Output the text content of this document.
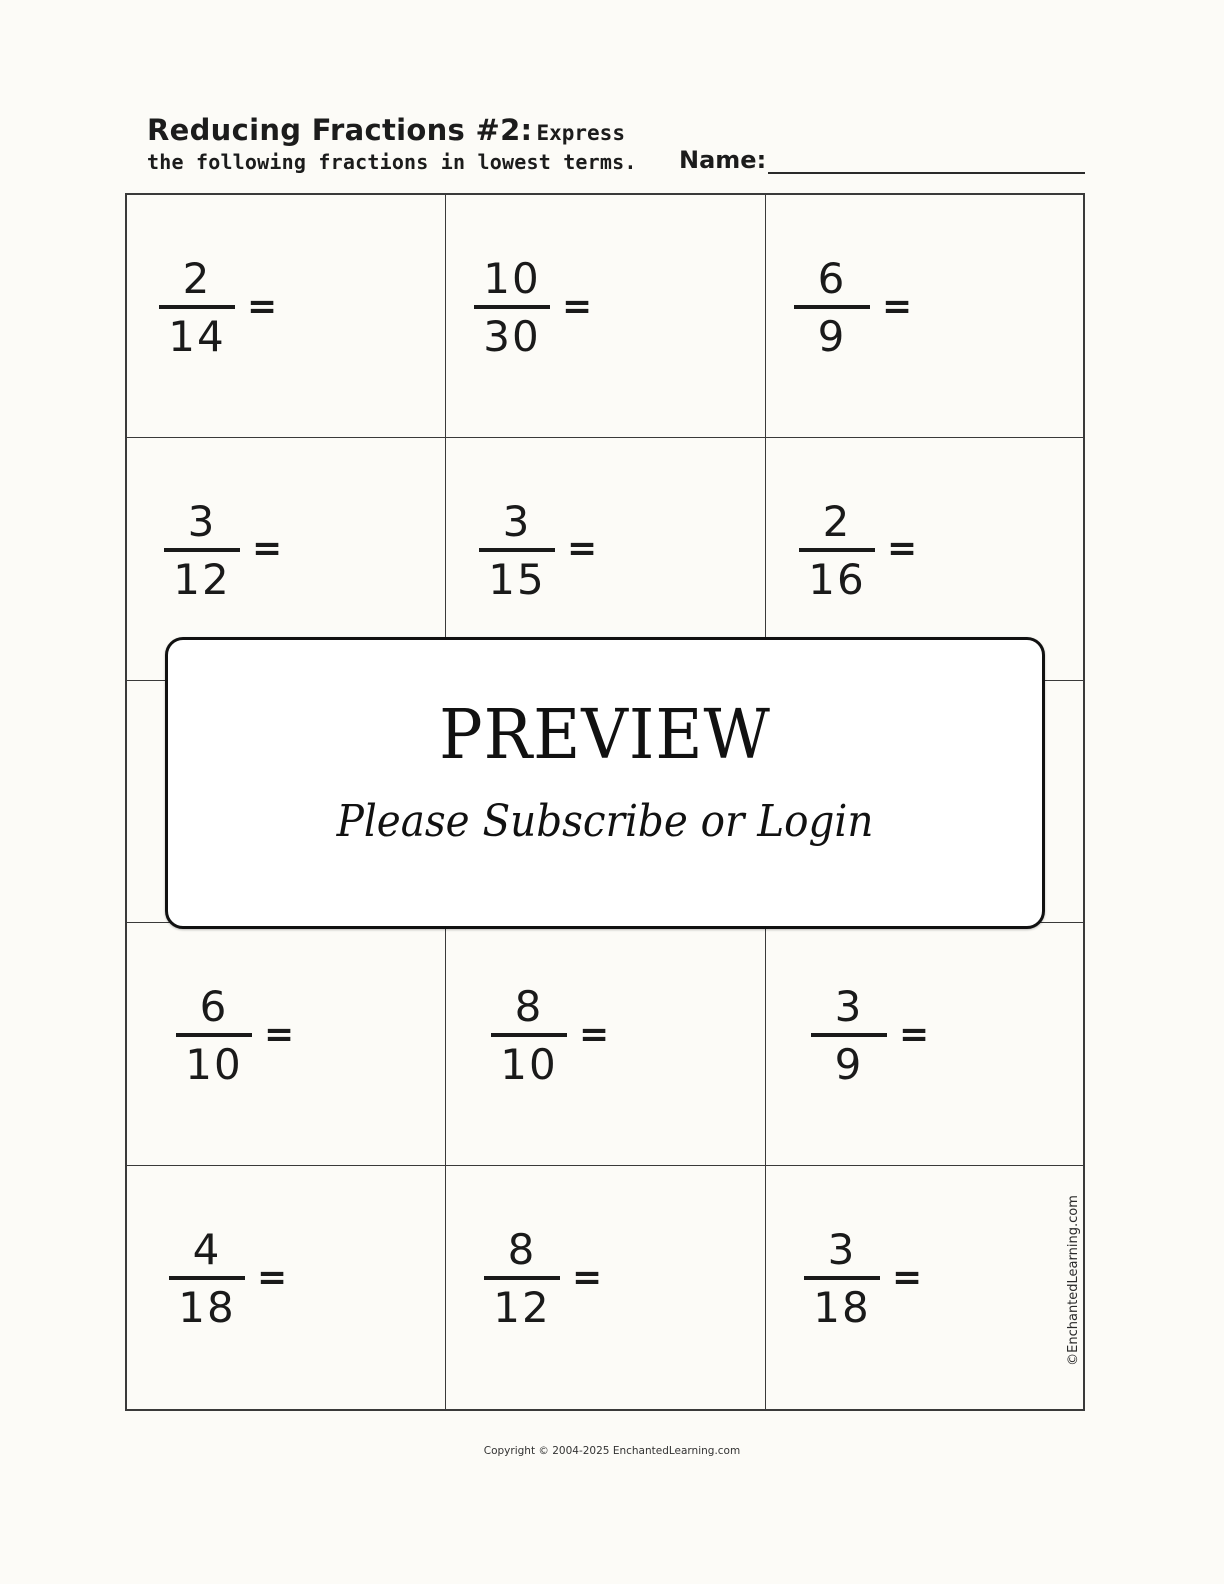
Reducing Fractions #2: Express
the following fractions in lowest terms.	Name:
$\frac{2}{14}$ =	$\frac{10}{30}$ =	$\frac{6}{9}$ =
$\frac{3}{12}$ =	$\frac{3}{15}$ =	$\frac{2}{16}$ =
$\frac{6}{10}$ =	$\frac{8}{10}$ =	$\frac{3}{9}$ =
$\frac{4}{18}$ =	$\frac{8}{12}$ =	$\frac{3}{18}$ =	©EnchantedLearning.com
PREVIEW
Please Subscribe or Login
Copyright © 2004-2025 EnchantedLearning.com
